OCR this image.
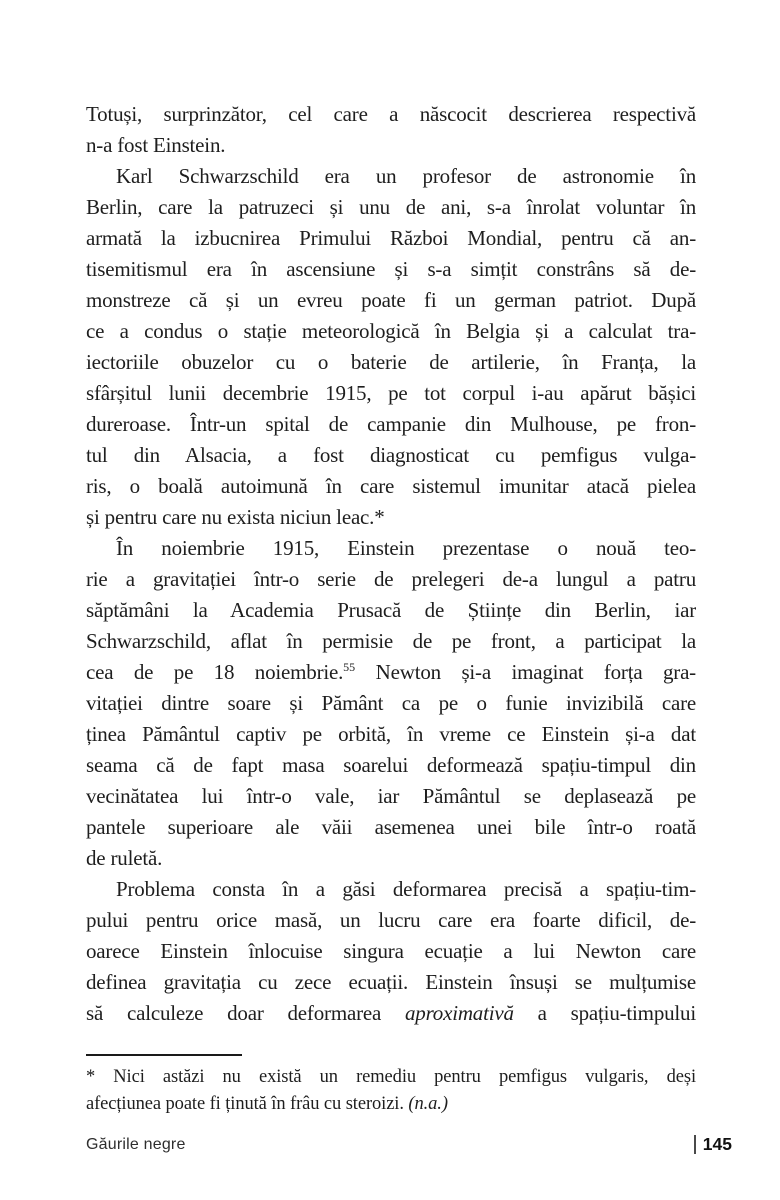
Totuși, surprinzător, cel care a născocit descrierea respectivă
n-a fost Einstein.
Karl Schwarzschild era un profesor de astronomie în
Berlin, care la patruzeci și unu de ani, s-a înrolat voluntar în
armată la izbucnirea Primului Război Mondial, pentru că an-
tisemitismul era în ascensiune și s-a simțit constrâns să de-
monstreze că și un evreu poate fi un german patriot. După
ce a condus o stație meteorologică în Belgia și a calculat tra-
iectoriile obuzelor cu o baterie de artilerie, în Franța, la
sfârșitul lunii decembrie 1915, pe tot corpul i-au apărut bășici
dureroase. Într-un spital de campanie din Mulhouse, pe fron-
tul din Alsacia, a fost diagnosticat cu pemfigus vulga-
ris, o boală autoimună în care sistemul imunitar atacă pielea
și pentru care nu exista niciun leac.*
În noiembrie 1915, Einstein prezentase o nouă teo-
rie a gravitației într-o serie de prelegeri de-a lungul a patru
săptămâni la Academia Prusacă de Științe din Berlin, iar
Schwarzschild, aflat în permisie de pe front, a participat la
cea de pe 18 noiembrie.$^{55}$ Newton și-a imaginat forța gra-
vitației dintre soare și Pământ ca pe o funie invizibilă care
ținea Pământul captiv pe orbită, în vreme ce Einstein și-a dat
seama că de fapt masa soarelui deformează spațiu-timpul din
vecinătatea lui într-o vale, iar Pământul se deplasează pe
pantele superioare ale văii asemenea unei bile într-o roată
de ruletă.
Problema consta în a găsi deformarea precisă a spațiu-tim-
pului pentru orice masă, un lucru care era foarte dificil, de-
oarece Einstein înlocuise singura ecuație a lui Newton care
definea gravitația cu zece ecuații. Einstein însuși se mulțumise
să calculeze doar deformarea aproximativă a spațiu-timpului
* Nici astăzi nu există un remediu pentru pemfigus vulgaris, deși
afecțiunea poate fi ținută în frâu cu steroizi. (n.a.)
Găurile negre	145
